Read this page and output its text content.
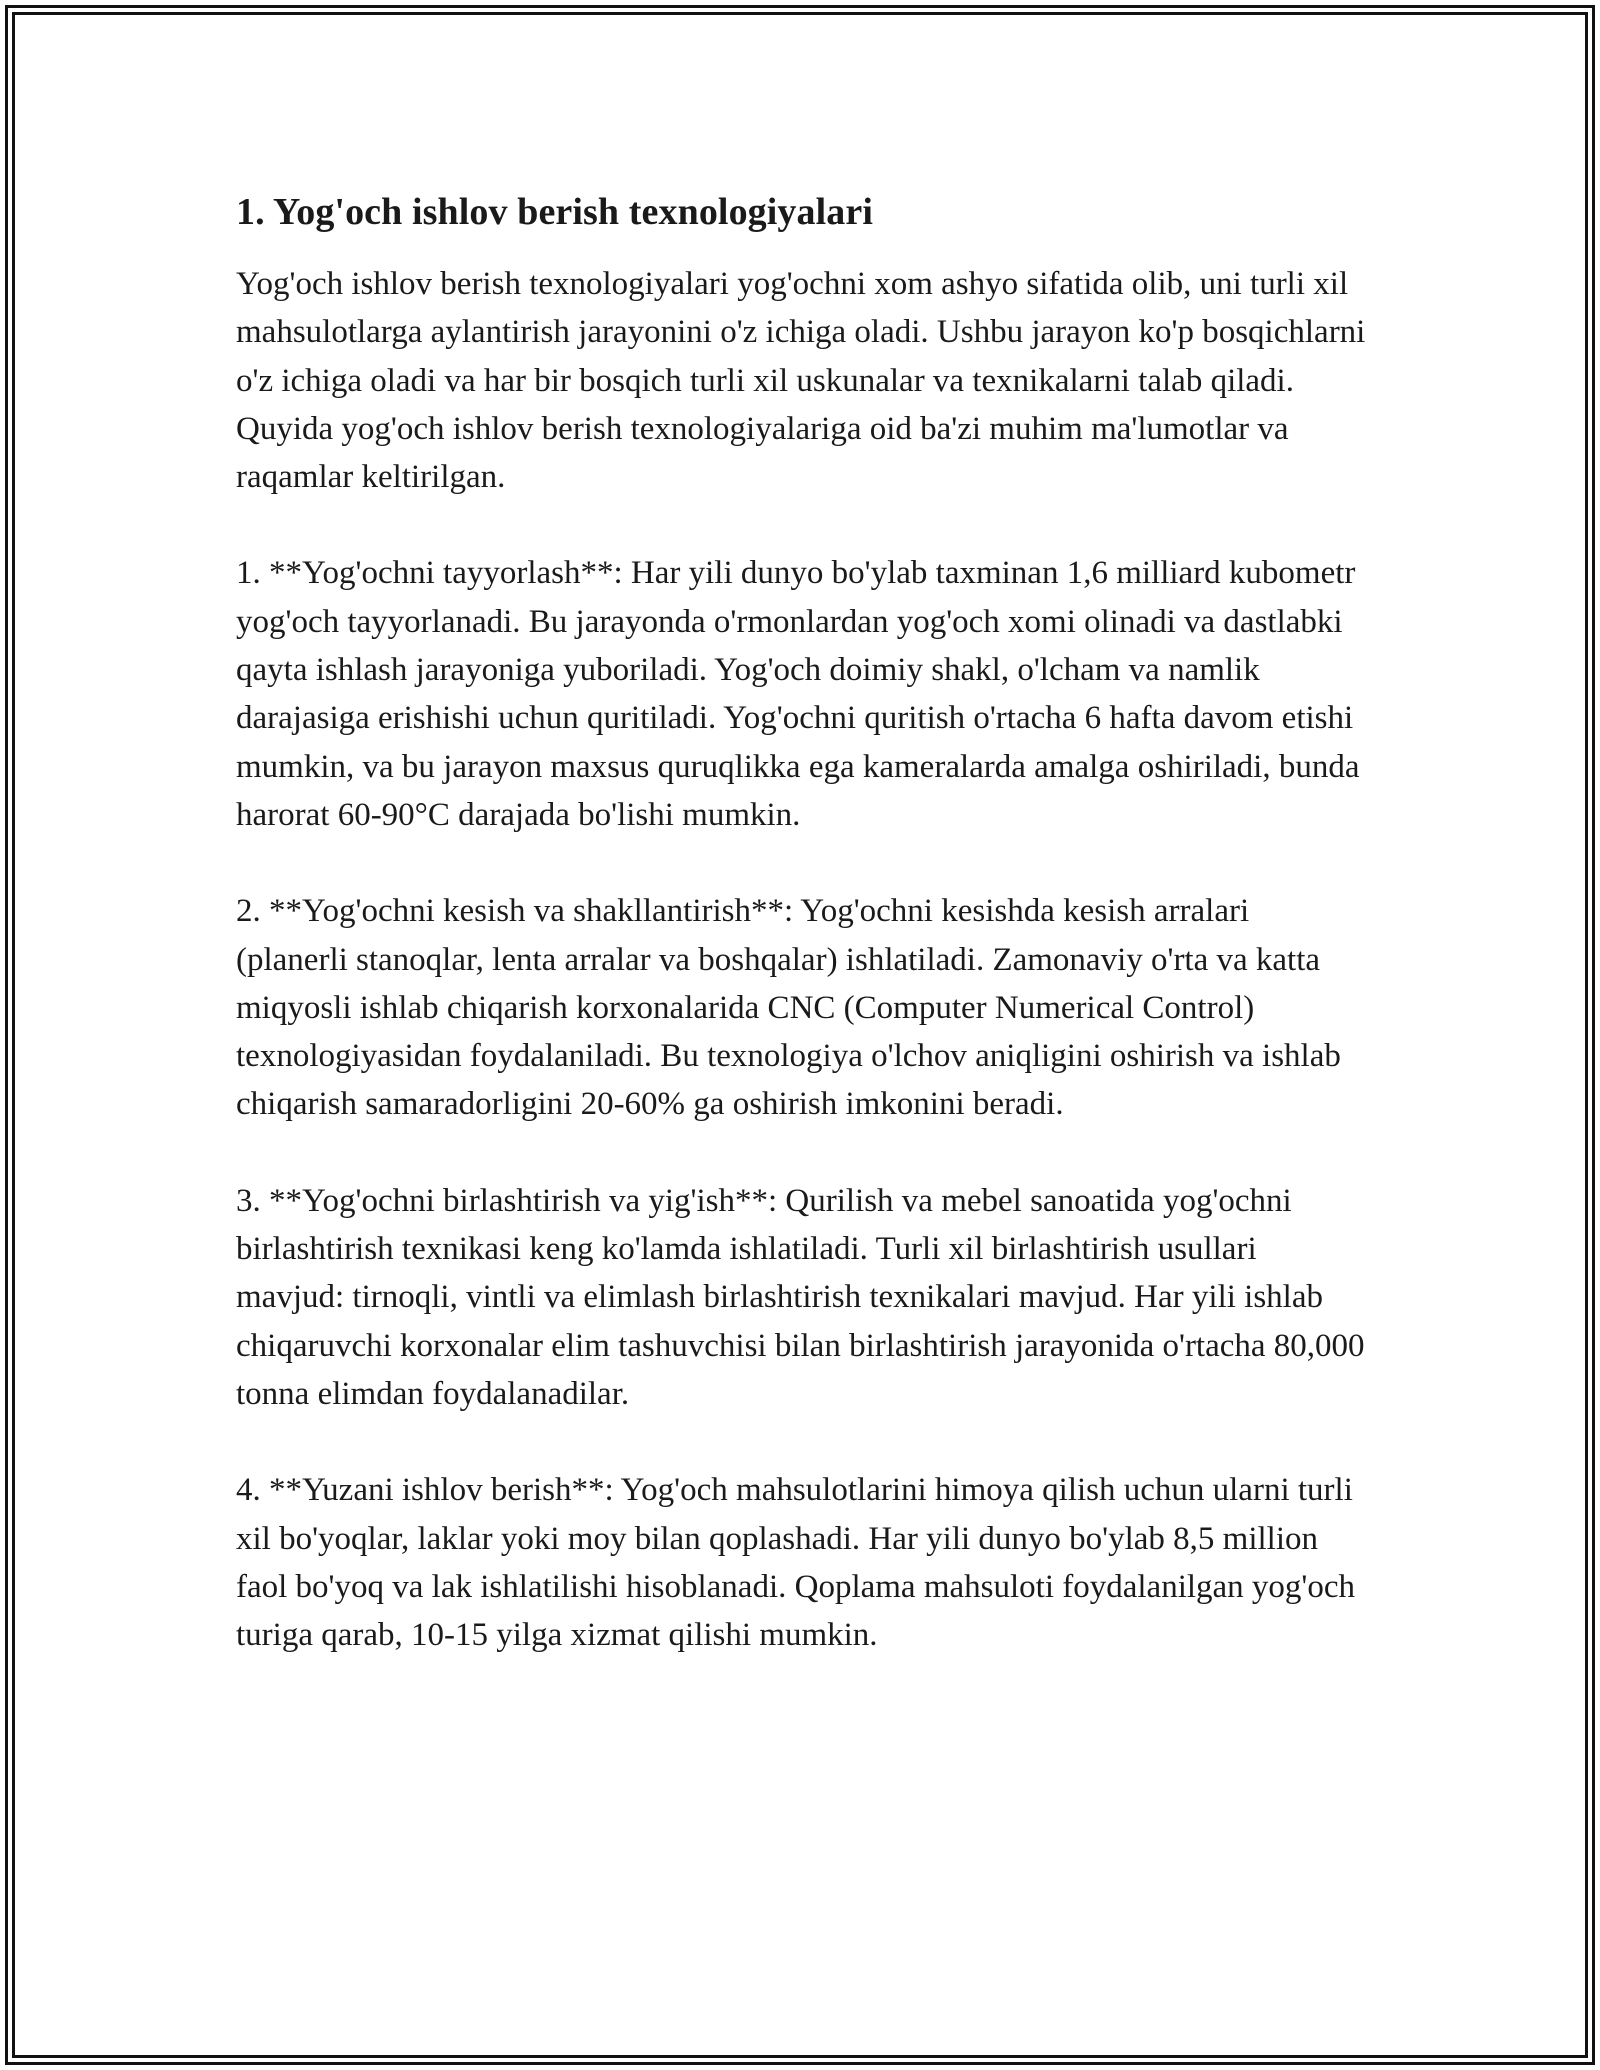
1. Yog'och ishlov berish texnologiyalari

Yog'och ishlov berish texnologiyalari yog'ochni xom ashyo sifatida olib, uni turli xil mahsulotlarga aylantirish jarayonini o'z ichiga oladi. Ushbu jarayon ko'p bosqichlarni o'z ichiga oladi va har bir bosqich turli xil uskunalar va texnikalarni talab qiladi. Quyida yog'och ishlov berish texnologiyalariga oid ba'zi muhim ma'lumotlar va raqamlar keltirilgan.

1. **Yog'ochni tayyorlash**: Har yili dunyo bo'ylab taxminan 1,6 milliard kubometr yog'och tayyorlanadi. Bu jarayonda o'rmonlardan yog'och xomi olinadi va dastlabki qayta ishlash jarayoniga yuboriladi. Yog'och doimiy shakl, o'lcham va namlik darajasiga erishishi uchun quritiladi. Yog'ochni quritish o'rtacha 6 hafta davom etishi mumkin, va bu jarayon maxsus quruqlikka ega kameralarda amalga oshiriladi, bunda harorat 60-90°C darajada bo'lishi mumkin.

2. **Yog'ochni kesish va shakllantirish**: Yog'ochni kesishda kesish arralari (planerli stanoqlar, lenta arralar va boshqalar) ishlatiladi. Zamonaviy o'rta va katta miqyosli ishlab chiqarish korxonalarida CNC (Computer Numerical Control) texnologiyasidan foydalaniladi. Bu texnologiya o'lchov aniqligini oshirish va ishlab chiqarish samaradorligini 20-60% ga oshirish imkonini beradi.

3. **Yog'ochni birlashtirish va yig'ish**: Qurilish va mebel sanoatida yog'ochni birlashtirish texnikasi keng ko'lamda ishlatiladi. Turli xil birlashtirish usullari mavjud: tirnoqli, vintli va elimlash birlashtirish texnikalari mavjud. Har yili ishlab chiqaruvchi korxonalar elim tashuvchisi bilan birlashtirish jarayonida o'rtacha 80,000 tonna elimdan foydalanadilar.

4. **Yuzani ishlov berish**: Yog'och mahsulotlarini himoya qilish uchun ularni turli xil bo'yoqlar, laklar yoki moy bilan qoplashadi. Har yili dunyo bo'ylab 8,5 million faol bo'yoq va lak ishlatilishi hisoblanadi. Qoplama mahsuloti foydalanilgan yog'och turiga qarab, 10-15 yilga xizmat qilishi mumkin.
